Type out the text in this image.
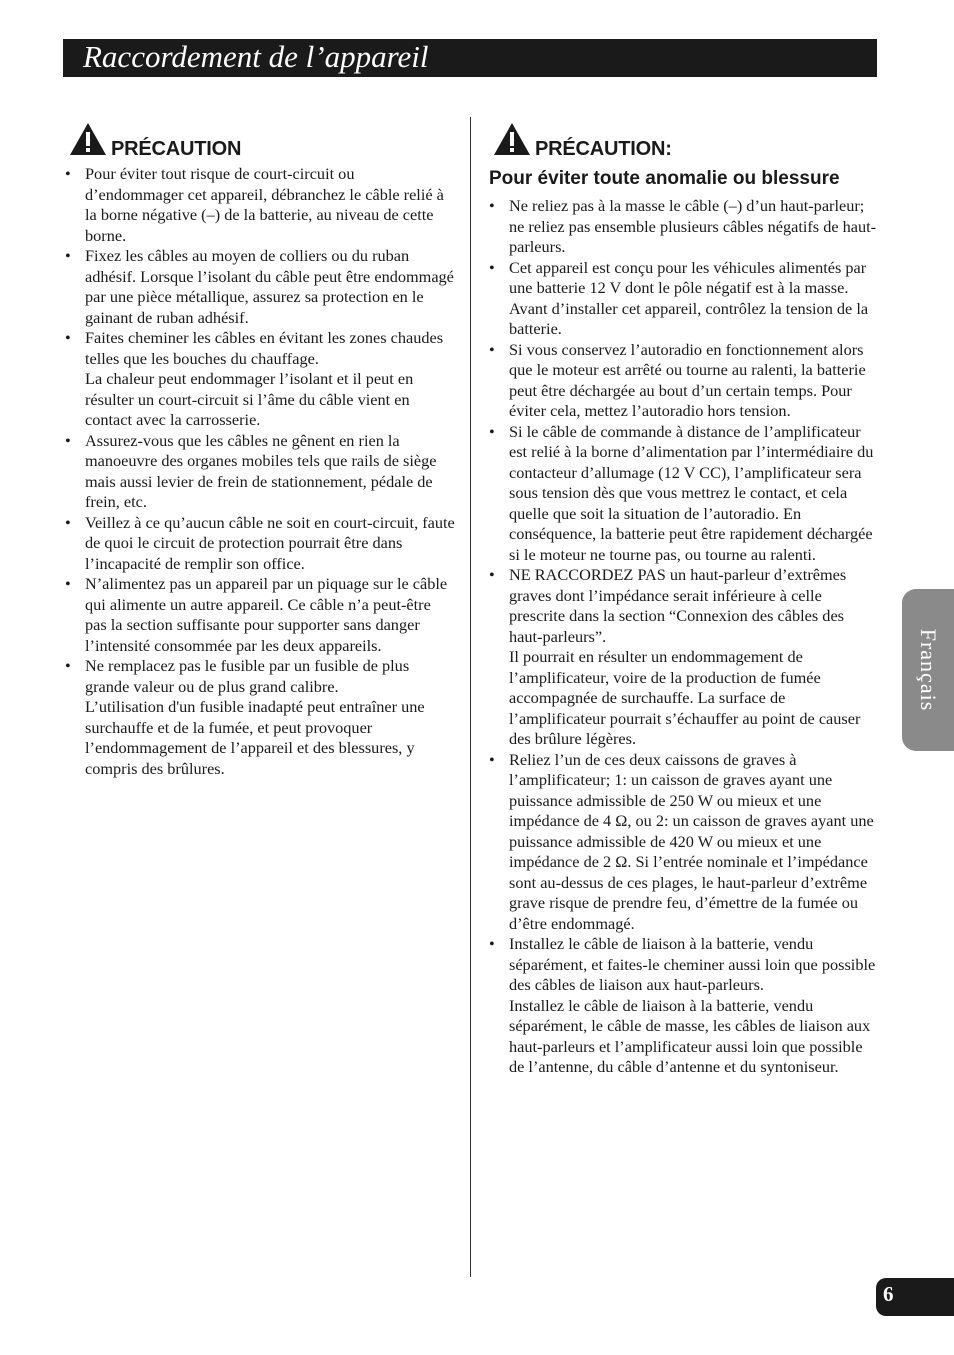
Raccordement de l’appareil
PRÉCAUTION
• Pour éviter tout risque de court-circuit ou d’endommager cet appareil, débranchez le câble relié à la borne négative (–) de la batterie, au niveau de cette borne.
• Fixez les câbles au moyen de colliers ou du ruban adhésif. Lorsque l’isolant du câble peut être endommagé par une pièce métallique, assurez sa protection en le gainant de ruban adhésif.
• Faites cheminer les câbles en évitant les zones chaudes telles que les bouches du chauffage.
La chaleur peut endommager l’isolant et il peut en résulter un court-circuit si l’âme du câble vient en contact avec la carrosserie.
• Assurez-vous que les câbles ne gênent en rien la manoeuvre des organes mobiles tels que rails de siège mais aussi levier de frein de stationnement, pédale de frein, etc.
• Veillez à ce qu’aucun câble ne soit en court-circuit, faute de quoi le circuit de protection pourrait être dans l’incapacité de remplir son office.
• N’alimentez pas un appareil par un piquage sur le câble qui alimente un autre appareil. Ce câble n’a peut-être pas la section suffisante pour supporter sans danger l’intensité consommée par les deux appareils.
• Ne remplacez pas le fusible par un fusible de plus grande valeur ou de plus grand calibre.
L’utilisation d'un fusible inadapté peut entraîner une surchauffe et de la fumée, et peut provoquer l’endommagement de l’appareil et des blessures, y compris des brûlures.
PRÉCAUTION:
Pour éviter toute anomalie ou blessure
• Ne reliez pas à la masse le câble (–) d’un haut-parleur; ne reliez pas ensemble plusieurs câbles négatifs de haut-parleurs.
• Cet appareil est conçu pour les véhicules alimentés par une batterie 12 V dont le pôle négatif est à la masse. Avant d’installer cet appareil, contrôlez la tension de la batterie.
• Si vous conservez l’autoradio en fonctionnement alors que le moteur est arrêté ou tourne au ralenti, la batterie peut être déchargée au bout d’un certain temps. Pour éviter cela, mettez l’autoradio hors tension.
• Si le câble de commande à distance de l’amplificateur est relié à la borne d’alimentation par l’intermédiaire du contacteur d’allumage (12 V CC), l’amplificateur sera sous tension dès que vous mettrez le contact, et cela quelle que soit la situation de l’autoradio. En conséquence, la batterie peut être rapidement déchargée si le moteur ne tourne pas, ou tourne au ralenti.
• NE RACCORDEZ PAS un haut-parleur d’extrêmes graves dont l’impédance serait inférieure à celle prescrite dans la section “Connexion des câbles des haut-parleurs”.
Il pourrait en résulter un endommagement de l’amplificateur, voire de la production de fumée accompagnée de surchauffe. La surface de l’amplificateur pourrait s’échauffer au point de causer des brûlure légères.
• Reliez l’un de ces deux caissons de graves à l’amplificateur; 1: un caisson de graves ayant une puissance admissible de 250 W ou mieux et une impédance de 4 Ω, ou 2: un caisson de graves ayant une puissance admissible de 420 W ou mieux et une impédance de 2 Ω. Si l’entrée nominale et l’impédance sont au-dessus de ces plages, le haut-parleur d’extrême grave risque de prendre feu, d’émettre de la fumée ou d’être endommagé.
• Installez le câble de liaison à la batterie, vendu séparément, et faites-le cheminer aussi loin que possible des câbles de liaison aux haut-parleurs.
Installez le câble de liaison à la batterie, vendu séparément, le câble de masse, les câbles de liaison aux haut-parleurs et l’amplificateur aussi loin que possible de l’antenne, du câble d’antenne et du syntoniseur.
Français
6
